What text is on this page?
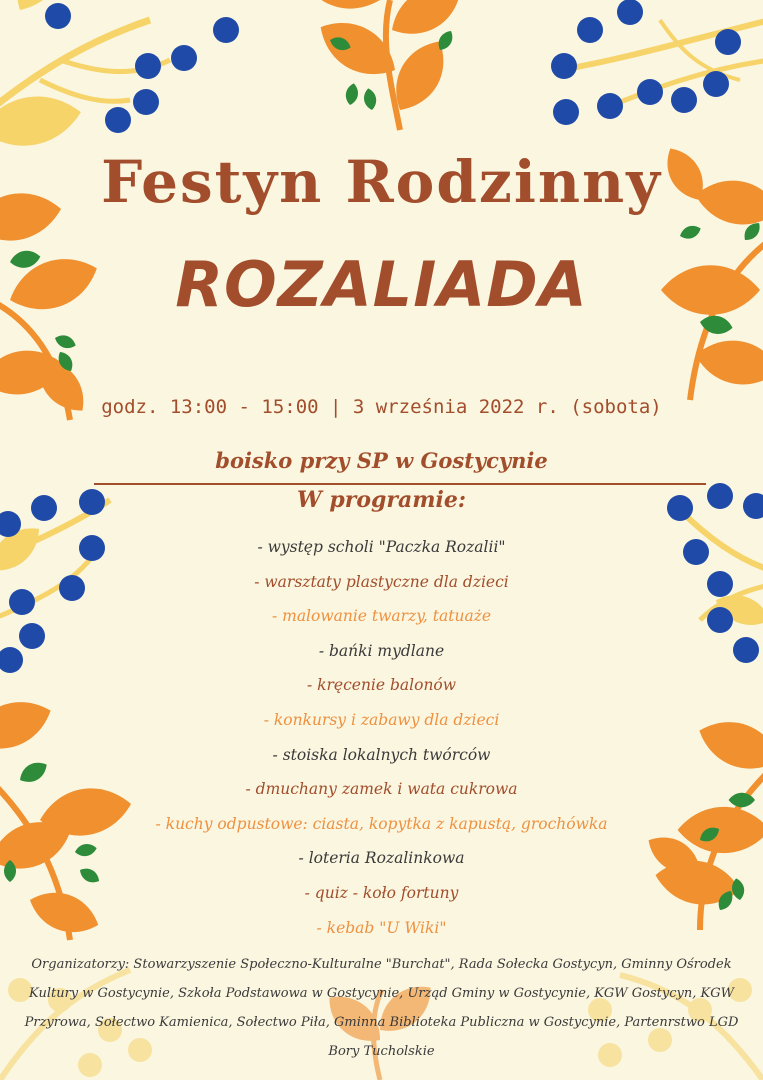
Festyn Rodzinny
ROZALIADA
godz. 13:00 - 15:00 | 3 września 2022 r. (sobota)
boisko przy SP w Gostycynie
W programie:
- występ scholi "Paczka Rozalii"
- warsztaty plastyczne dla dzieci
- malowanie twarzy, tatuaże
- bańki mydlane
- kręcenie balonów
- konkursy i zabawy dla dzieci
- stoiska lokalnych twórców
- dmuchany zamek i wata cukrowa
- kuchy odpustowe: ciasta, kopytka z kapustą, grochówka
- loteria Rozalinkowa
- quiz - koło fortuny
- kebab "U Wiki"
Organizatorzy: Stowarzyszenie Społeczno-Kulturalne "Burchat", Rada Sołecka Gostycyn, Gminny Ośrodek Kultury w Gostycynie, Szkoła Podstawowa w Gostycynie, Urząd Gminy w Gostycynie, KGW Gostycyn, KGW Przyrowa, Sołectwo Kamienica, Sołectwo Piła, Gminna Biblioteka Publiczna w Gostycynie, Partenrstwo LGD Bory Tucholskie
